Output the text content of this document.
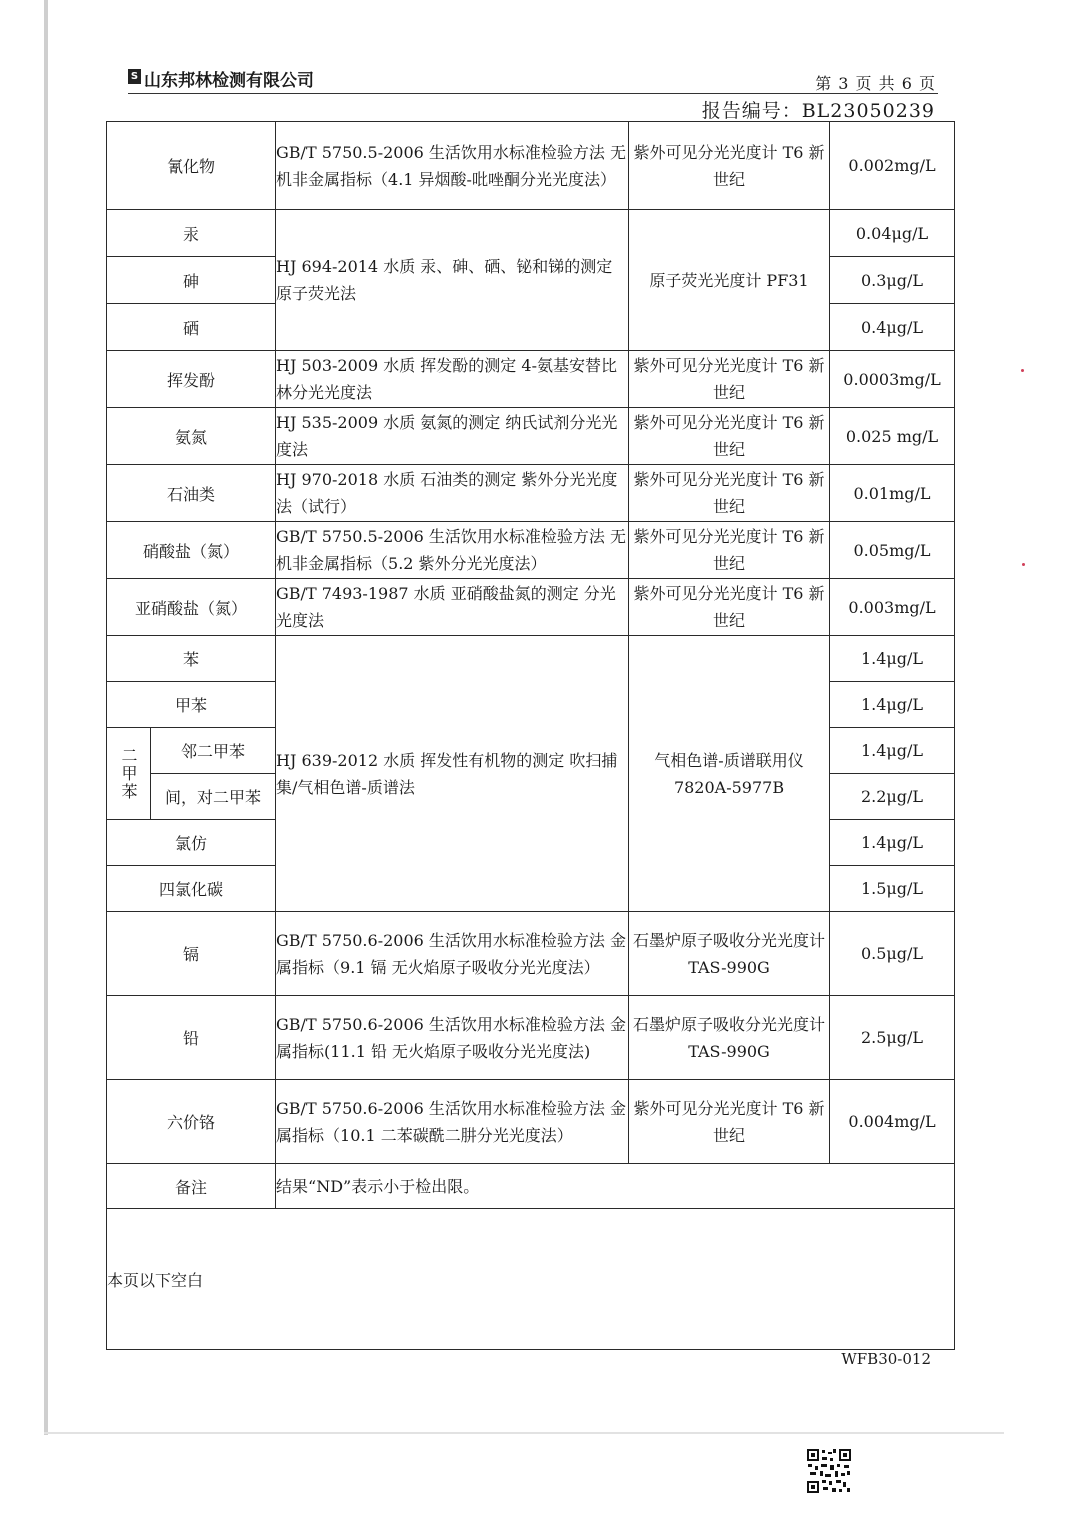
S 山东邦林检测有限公司	第 3 页 共 6 页
报告编号：BL23050239
氰化物		GB/T 5750.5-2006 生活饮用水标准检验方法 无机非金属指标（4.1 异烟酸-吡唑酮分光光度法）	紫外可见分光光度计 T6 新世纪	0.002mg/L
汞		HJ 694-2014 水质 汞、砷、硒、铋和锑的测定 原子荧光法	原子荧光光度计 PF31	0.04μg/L
砷				0.3μg/L
硒				0.4μg/L
挥发酚		HJ 503-2009 水质 挥发酚的测定 4-氨基安替比林分光光度法	紫外可见分光光度计 T6 新世纪	0.0003mg/L
氨氮		HJ 535-2009 水质 氨氮的测定 纳氏试剂分光光度法	紫外可见分光光度计 T6 新世纪	0.025 mg/L
石油类		HJ 970-2018 水质 石油类的测定 紫外分光光度法（试行）	紫外可见分光光度计 T6 新世纪	0.01mg/L
硝酸盐（氮）		GB/T 5750.5-2006 生活饮用水标准检验方法 无机非金属指标（5.2 紫外分光光度法）	紫外可见分光光度计 T6 新世纪	0.05mg/L
亚硝酸盐（氮）		GB/T 7493-1987 水质 亚硝酸盐氮的测定 分光光度法	紫外可见分光光度计 T6 新世纪	0.003mg/L
苯		HJ 639-2012 水质 挥发性有机物的测定 吹扫捕集/气相色谱-质谱法	气相色谱-质谱联用仪 7820A-5977B	1.4μg/L
甲苯				1.4μg/L
二甲苯	邻二甲苯			1.4μg/L
	间，对二甲苯			2.2μg/L
氯仿				1.4μg/L
四氯化碳				1.5μg/L
镉		GB/T 5750.6-2006 生活饮用水标准检验方法 金属指标（9.1 镉 无火焰原子吸收分光光度法）	石墨炉原子吸收分光光度计 TAS-990G	0.5μg/L
铅		GB/T 5750.6-2006 生活饮用水标准检验方法 金属指标(11.1 铅 无火焰原子吸收分光光度法)	石墨炉原子吸收分光光度计 TAS-990G	2.5μg/L
六价铬		GB/T 5750.6-2006 生活饮用水标准检验方法 金属指标（10.1 二苯碳酰二肼分光光度法）	紫外可见分光光度计 T6 新世纪	0.004mg/L
备注		结果“ND”表示小于检出限。		
本页以下空白				
WFB30-012
